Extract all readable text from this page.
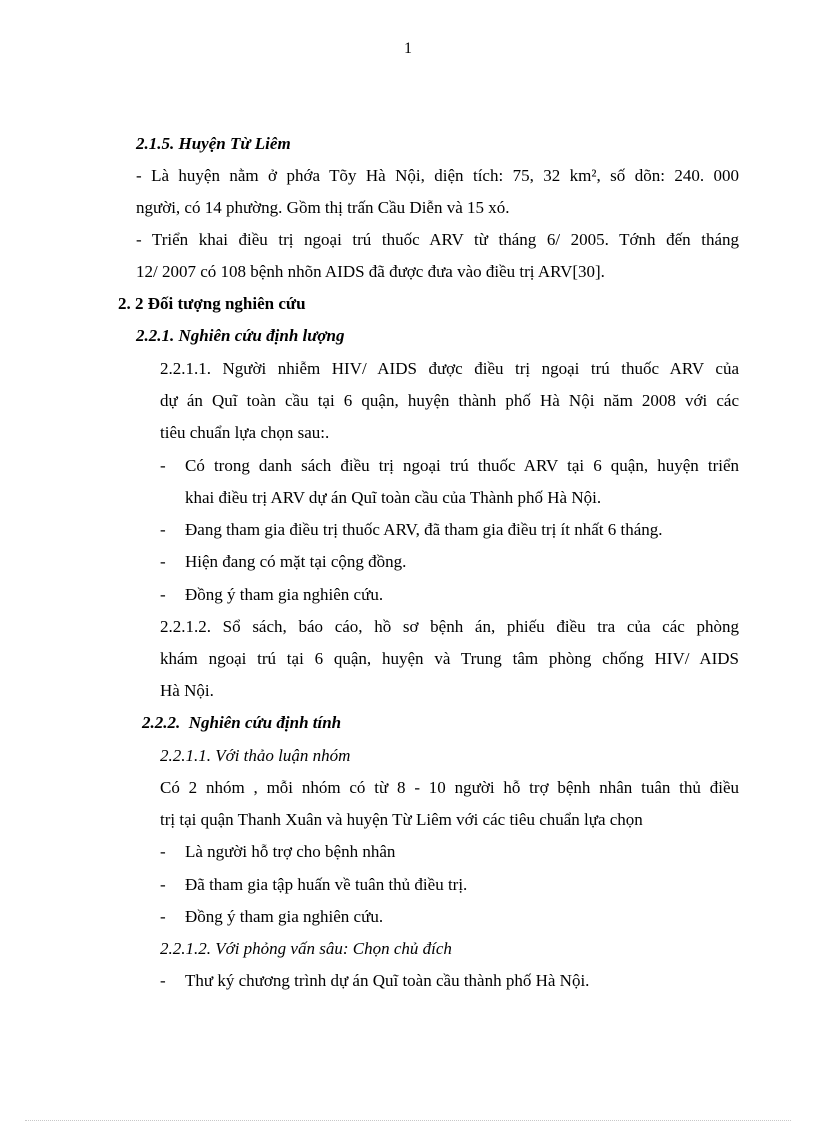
1
2.1.5. Huyện Từ Liêm
- Là huyện nằm ở phớa Tõy Hà Nội, diện tích: 75, 32 km², số dõn: 240. 000
người, có 14 phường. Gồm thị trấn Cầu Diễn và 15 xó.
- Triển khai điều trị ngoại trú thuốc ARV từ tháng 6/ 2005. Tớnh đến tháng
12/ 2007 có 108 bệnh nhõn AIDS đã được đưa vào điều trị ARV[30].
2. 2 Đối tượng nghiên cứu
2.2.1. Nghiên cứu định lượng
2.2.1.1. Người nhiễm HIV/ AIDS được điều trị ngoại trú thuốc ARV của
dự án Quĩ toàn cầu tại 6 quận, huyện thành phố Hà Nội năm 2008 với các
tiêu chuẩn lựa chọn sau:.
- Có trong danh sách điều trị ngoại trú thuốc ARV tại 6 quận, huyện triển
khai điều trị ARV dự án Quĩ toàn cầu của Thành phố Hà Nội.
- Đang tham gia điều trị thuốc ARV, đã tham gia điều trị ít nhất 6 tháng.
- Hiện đang có mặt tại cộng đồng.
- Đồng ý tham gia nghiên cứu.
2.2.1.2. Sổ sách, báo cáo, hồ sơ bệnh án, phiếu điều tra của các phòng
khám ngoại trú tại 6 quận, huyện và Trung tâm phòng chống HIV/ AIDS
Hà Nội.
2.2.2.  Nghiên cứu định tính
2.2.1.1. Với thảo luận nhóm
Có 2 nhóm , mỗi nhóm có từ 8 - 10 người hỗ trợ bệnh nhân tuân thủ điều
trị tại quận Thanh Xuân và huyện Từ Liêm với các tiêu chuẩn lựa chọn
- Là người hỗ trợ cho bệnh nhân
- Đã tham gia tập huấn về tuân thủ điều trị.
- Đồng ý tham gia nghiên cứu.
2.2.1.2. Với phỏng vấn sâu: Chọn chủ đích
- Thư ký chương trình dự án Quĩ toàn cầu thành phố Hà Nội.
